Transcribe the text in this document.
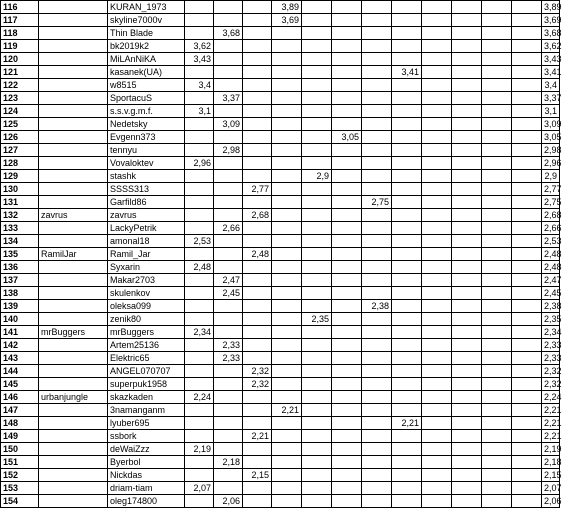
116		KURAN_1973				3,89									3,89
117		skyline7000v				3,69									3,69
118		Thin Blade		3,68											3,68
119		bk2019k2	3,62												3,62
120		MiLAnNiKA	3,43												3,43
121		kasanek(UA)								3,41					3,41
122		w8515	3,4												3,4
123		SportacuS		3,37											3,37
124		s.s.v.g.m.f.	3,1												3,1
125		Nedetsky		3,09											3,09
126		Evgenn373						3,05							3,05
127		tennyu		2,98											2,98
128		Vovaloktev	2,96												2,96
129		stashk					2,9								2,9
130		SSSS313			2,77										2,77
131		Garfild86							2,75						2,75
132	zavrus	zavrus			2,68										2,68
133		LackyPetrik		2,66											2,66
134		amonal18	2,53												2,53
135	RamilJar	Ramil_Jar			2,48										2,48
136		Syxarin	2,48												2,48
137		Makar2703		2,47											2,47
138		skulenkov		2,45											2,45
139		oleksa099							2,38						2,38
140		zenik80					2,35								2,35
141	mrBuggers	mrBuggers	2,34												2,34
142		Artem25136		2,33											2,33
143		Elektric65		2,33											2,33
144		ANGEL070707			2,32										2,32
145		superpuk1958			2,32										2,32
146	urbanjungle	skazkaden	2,24												2,24
147		3namanganm				2,21									2,21
148		lyuber695								2,21					2,21
149		ssbork			2,21										2,21
150		deWaiZzz	2,19												2,19
151		Byerbol		2,18											2,18
152		Nickdas			2,15										2,15
153		driam-tiam	2,07												2,07
154		oleg174800		2,06											2,06
